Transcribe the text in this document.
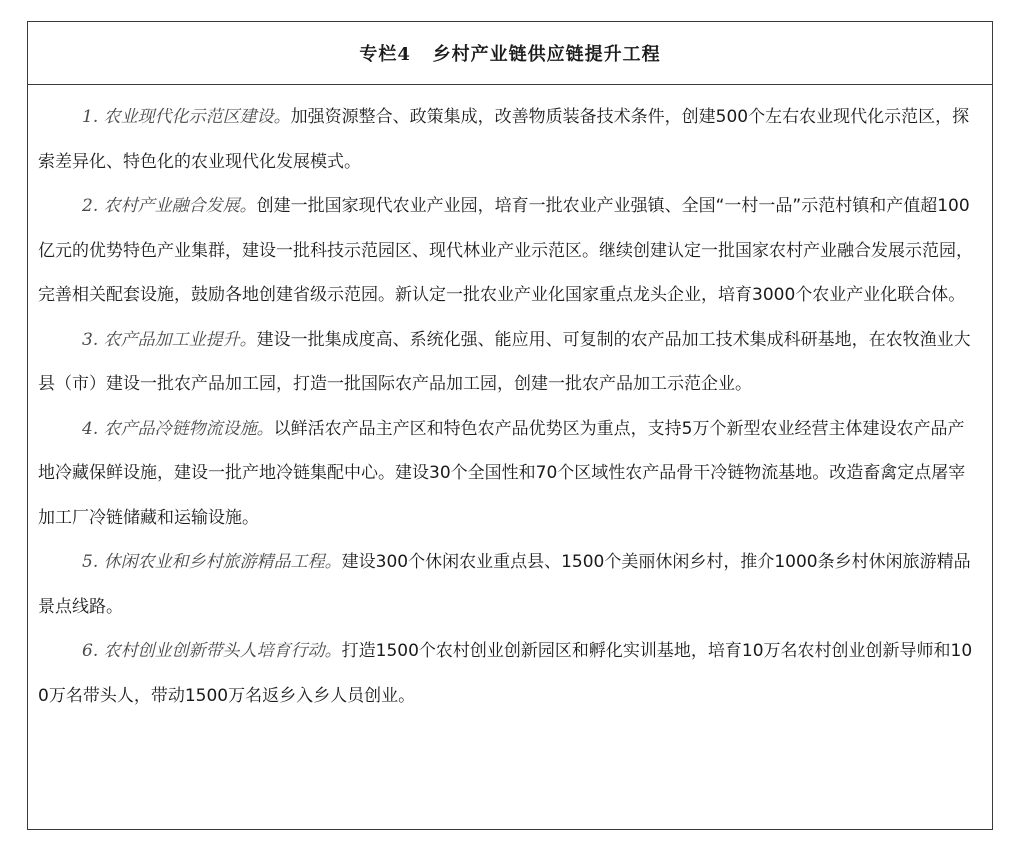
专栏4   乡村产业链供应链提升工程

1. 农业现代化示范区建设。加强资源整合、政策集成，改善物质装备技术条件，创建500个左右农业现代化示范区，探索差异化、特色化的农业现代化发展模式。

2. 农村产业融合发展。创建一批国家现代农业产业园，培育一批农业产业强镇、全国“一村一品”示范村镇和产值超100亿元的优势特色产业集群，建设一批科技示范园区、现代林业产业示范区。继续创建认定一批国家农村产业融合发展示范园，完善相关配套设施，鼓励各地创建省级示范园。新认定一批农业产业化国家重点龙头企业，培育3000个农业产业化联合体。

3. 农产品加工业提升。建设一批集成度高、系统化强、能应用、可复制的农产品加工技术集成科研基地，在农牧渔业大县（市）建设一批农产品加工园，打造一批国际农产品加工园，创建一批农产品加工示范企业。

4. 农产品冷链物流设施。以鲜活农产品主产区和特色农产品优势区为重点，支持5万个新型农业经营主体建设农产品产地冷藏保鲜设施，建设一批产地冷链集配中心。建设30个全国性和70个区域性农产品骨干冷链物流基地。改造畜禽定点屠宰加工厂冷链储藏和运输设施。

5. 休闲农业和乡村旅游精品工程。建设300个休闲农业重点县、1500个美丽休闲乡村，推介1000条乡村休闲旅游精品景点线路。

6. 农村创业创新带头人培育行动。打造1500个农村创业创新园区和孵化实训基地，培育10万名农村创业创新导师和100万名带头人，带动1500万名返乡入乡人员创业。
